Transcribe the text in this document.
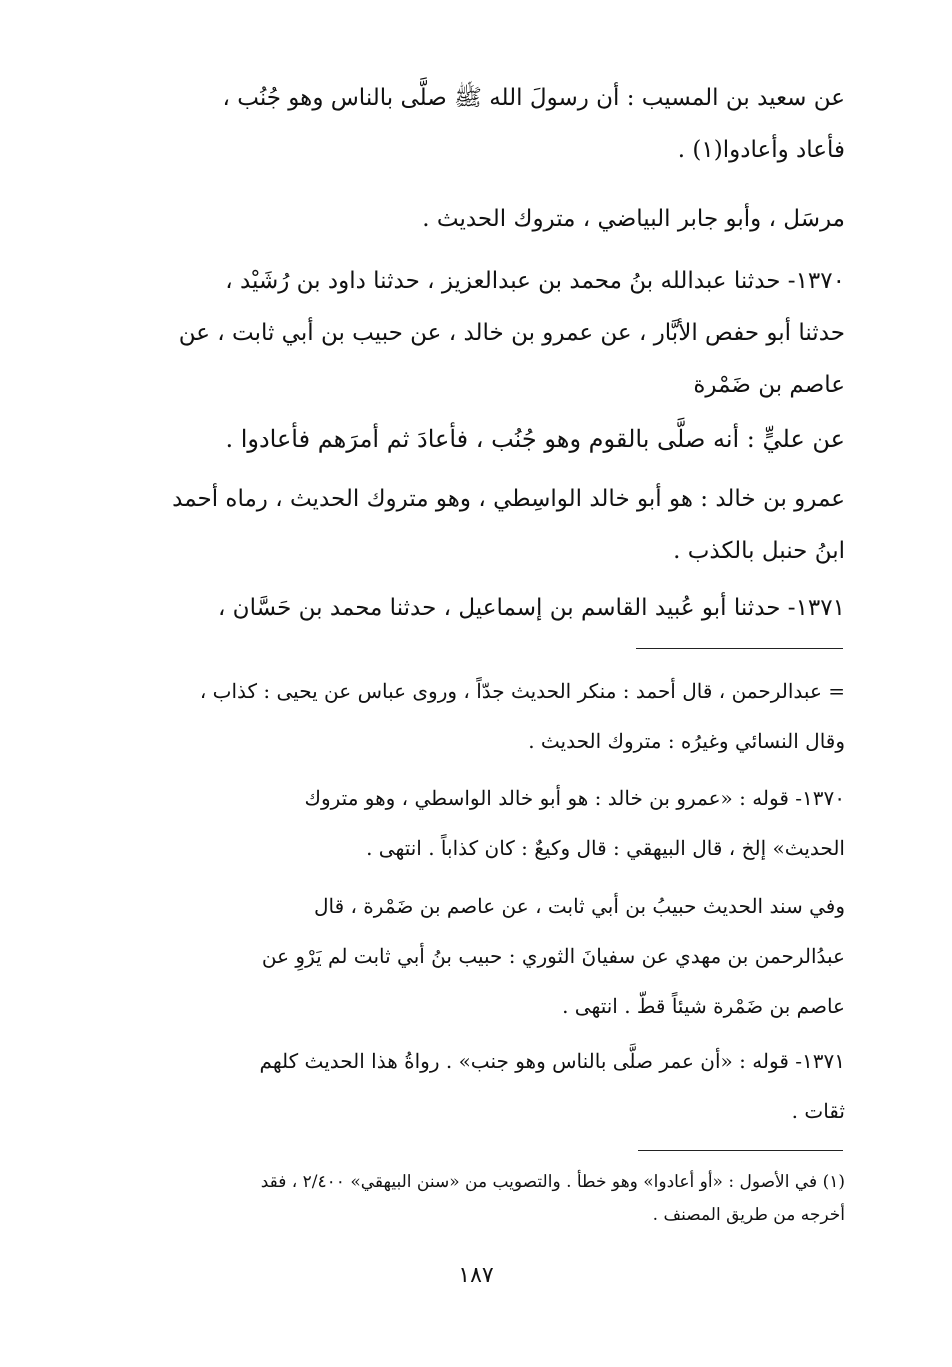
عن سعيد بن المسيب : أن رسولَ الله ﷺ صلَّى بالناس وهو جُنُب ،
فأعاد وأعادوا(١) .
مرسَل ، وأبو جابر البياضي ، متروك الحديث .
١٣٧٠- حدثنا عبدالله بنُ محمد بن عبدالعزيز ، حدثنا داود بن رُشَيْد ،
حدثنا أبو حفص الأبَّار ، عن عمرو بن خالد ، عن حبيب بن أبي ثابت ، عن
عاصم بن ضَمْرة
عن عليٍّ : أنه صلَّى بالقوم وهو جُنُب ، فأعادَ ثم أمرَهم فأعادوا .
عمرو بن خالد : هو أبو خالد الواسِطي ، وهو متروك الحديث ، رماه أحمد
ابنُ حنبل بالكذب .
١٣٧١- حدثنا أبو عُبيد القاسم بن إسماعيل ، حدثنا محمد بن حَسَّان ،
= عبدالرحمن ، قال أحمد : منكر الحديث جدّاً ، وروى عباس عن يحيى : كذاب ،
وقال النسائي وغيرُه : متروك الحديث .
١٣٧٠- قوله : «عمرو بن خالد : هو أبو خالد الواسطي ، وهو متروك
الحديث» إلخ ، قال البيهقي : قال وكيعٌ : كان كذاباً . انتهى .
وفي سند الحديث حبيبُ بن أبي ثابت ، عن عاصم بن ضَمْرة ، قال
عبدُالرحمن بن مهدي عن سفيانَ الثوري : حبيب بنُ أبي ثابت لم يَرْوِ عن
عاصم بن ضَمْرة شيئاً قطّ . انتهى .
١٣٧١- قوله : «أن عمر صلَّى بالناس وهو جنب» . رواةُ هذا الحديث كلهم
ثقات .
(١) في الأصول : «أو أعادوا» وهو خطأ . والتصويب من «سنن البيهقي» ٢/٤٠٠ ، فقد
أخرجه من طريق المصنف .
١٨٧
